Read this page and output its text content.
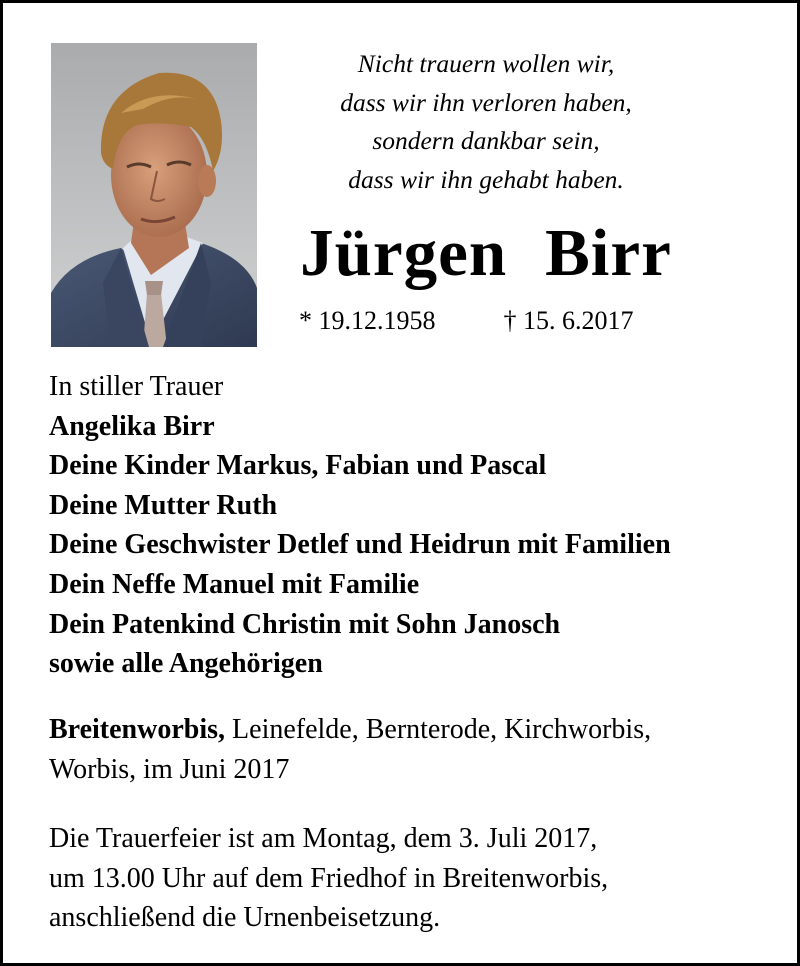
Nicht trauern wollen wir,
dass wir ihn verloren haben,
sondern dankbar sein,
dass wir ihn gehabt haben.
Jürgen Birr
* 19.12.1958	† 15. 6.2017
In stiller Trauer
Angelika Birr
Deine Kinder Markus, Fabian und Pascal
Deine Mutter Ruth
Deine Geschwister Detlef und Heidrun mit Familien
Dein Neffe Manuel mit Familie
Dein Patenkind Christin mit Sohn Janosch
sowie alle Angehörigen
Breitenworbis, Leinefelde, Bernterode, Kirchworbis,
Worbis, im Juni 2017
Die Trauerfeier ist am Montag, dem 3. Juli 2017,
um 13.00 Uhr auf dem Friedhof in Breitenworbis,
anschließend die Urnenbeisetzung.
